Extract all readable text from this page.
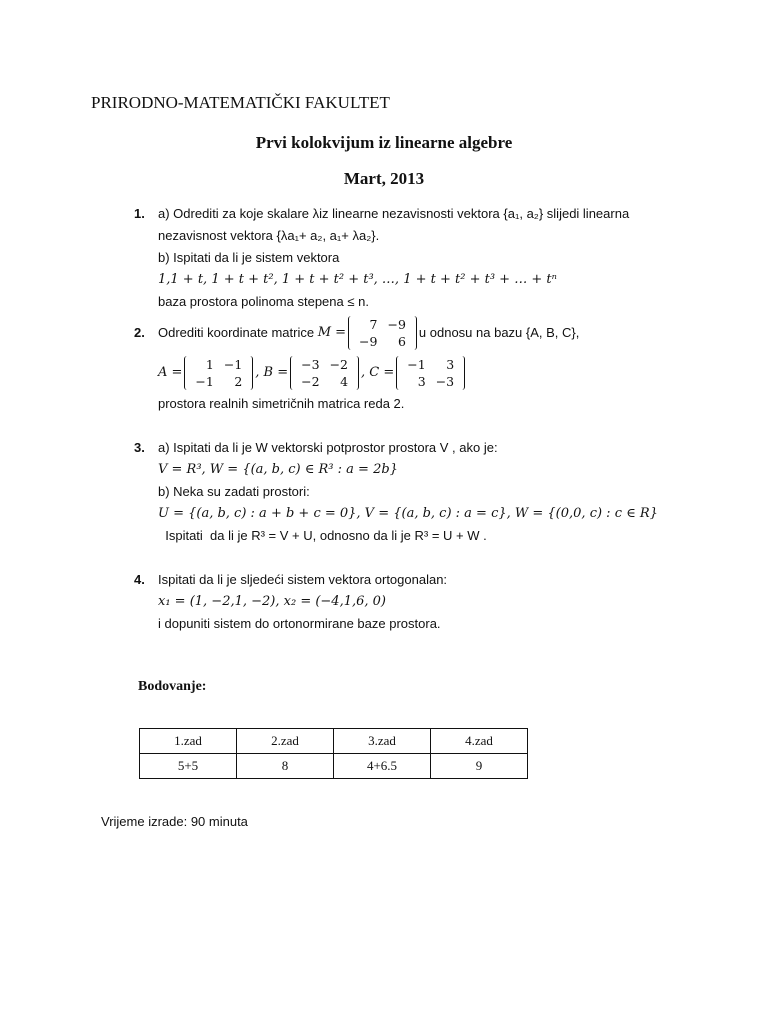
PRIRODNO-MATEMATIČKI FAKULTET
Prvi kolokvijum iz linearne algebre
Mart, 2013
1. a) Odrediti za koje skalare λiz linearne nezavisnosti vektora {a₁, a₂} slijedi linearna
nezavisnost vektora {λa₁+ a₂, a₁+ λa₂}.
b) Ispitati da li je sistem vektora
1,1 + t, 1 + t + t², 1 + t + t² + t³, …, 1 + t + t² + t³ + … + tⁿ
baza prostora polinoma stepena ≤ n.
2. Odrediti koordinate matrice
M =
7	−9
−9	6
u odnosu na bazu {A, B, C},
A =
1	−1
−1	2
, B =
−3	−2
−2	4
, C =
−1	3
3	−3
prostora realnih simetričnih matrica reda 2.
3. a) Ispitati da li je W vektorski potprostor prostora V , ako je:
V = R³, W = {(a, b, c) ∈ R³ : a = 2b}
b) Neka su zadati prostori:
U = {(a, b, c) : a + b + c = 0}, V = {(a, b, c) : a = c}, W = {(0,0, c) : c ∈ R}
Ispitati  da li je R³ = V + U, odnosno da li je R³ = U + W .
4. Ispitati da li je sljedeći sistem vektora ortogonalan:
x₁ = (1, −2,1, −2), x₂ = (−4,1,6, 0)
i dopuniti sistem do ortonormirane baze prostora.
Bodovanje:
1.zad	2.zad	3.zad	4.zad
5+5	8	4+6.5	9
Vrijeme izrade: 90 minuta
